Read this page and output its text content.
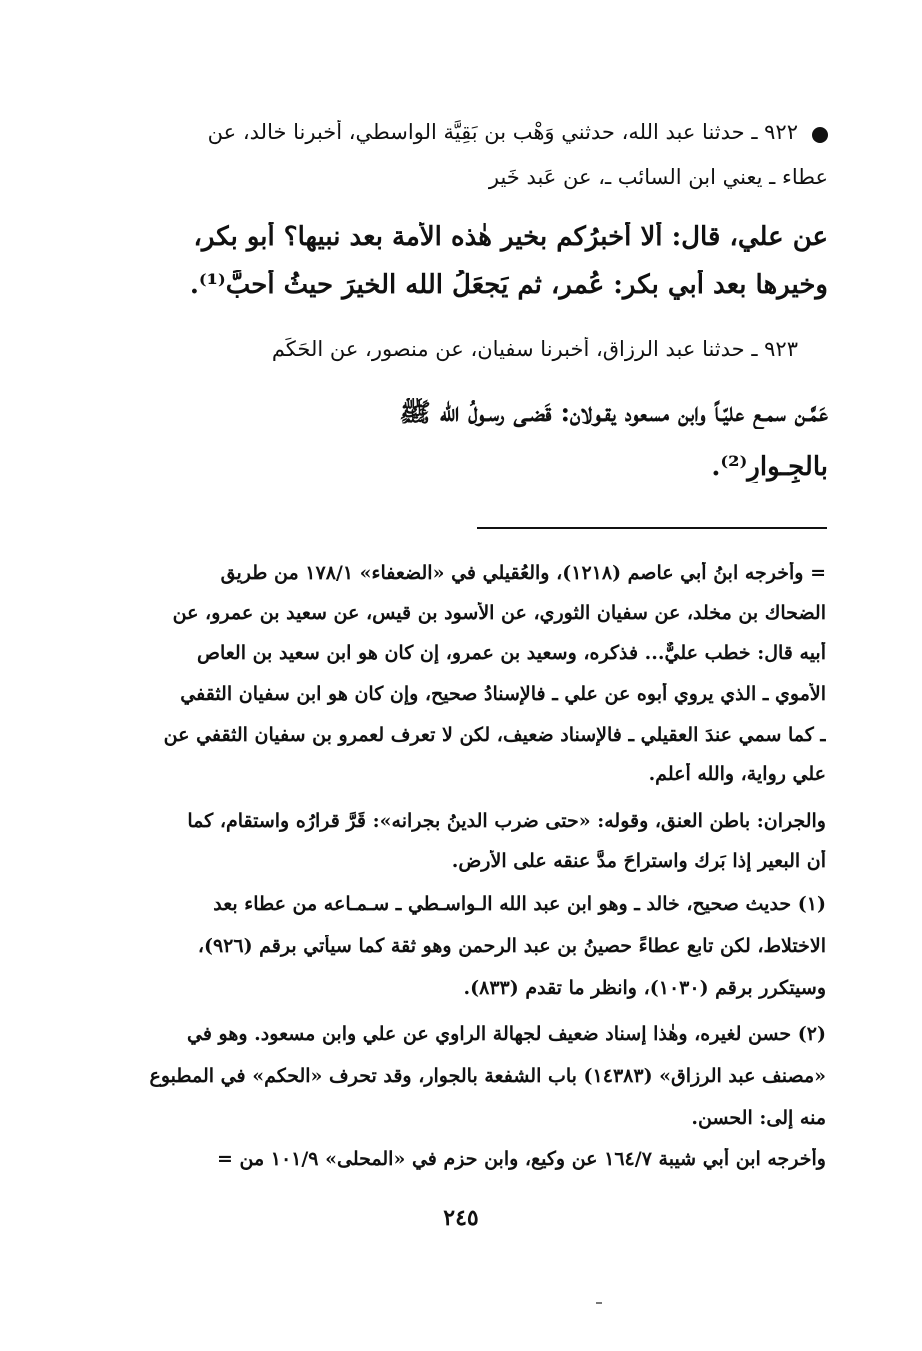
٩٢٢ ـ حدثنا عبد الله، حدثني وَهْب بن بَقِيَّة الواسطي، أخبرنا خالد، عن
عطاء ـ يعني ابن السائب ـ، عن عَبد خَير
عن علي، قال: ألا أُخبرُكم بخير هٰذه الأُمة بعد نبيها؟ أبو بكر،
وخيرها بعد أبي بكر: عُمر، ثم يَجعَلُ الله الخيرَ حيثُ أحبَّ⁽¹⁾.
٩٢٣ ـ حدثنا عبد الرزاق، أخبرنا سفيان، عن منصور، عن الحَكَم
عَمَّـن سمـع عليّـاً وابن مسعود يقـولان: قَضـى رسـولُ الله ﷺ
بالجِـوارِ⁽²⁾.
= وأخرجه ابنُ أبي عاصم (١٢١٨)، والعُقيلي في «الضعفاء» ١٧٨/١ من طريق
الضحاك بن مخلد، عن سفيان الثوري، عن الأسود بن قيس، عن سعيد بن عمرو، عن
أبيه قال: خطب عليٌّ... فذكره، وسعيد بن عمرو، إن كان هو ابن سعيد بن العاص
الأموي ـ الذي يروي أبوه عن علي ـ فالإسنادُ صحيح، وإن كان هو ابن سفيان الثقفي
ـ كما سمي عندَ العقيلي ـ فالإسناد ضعيف، لكن لا تعرف لعمرو بن سفيان الثقفي عن
علي رواية، والله أعلم.
والجران: باطن العنق، وقوله: «حتى ضرب الدينُ بجرانه»: قَرَّ قرارُه واستقام، كما
أن البعير إذا بَرك واستراحَ مدَّ عنقه على الأرض.
(١) حديث صحيح، خالد ـ وهو ابن عبد الله الـواسـطي ـ سـمـاعه من عطاء بعد
الاختلاط، لكن تابع عطاءً حصينُ بن عبد الرحمن وهو ثقة كما سيأتي برقم (٩٢٦)،
وسيتكرر برقم (١٠٣٠)، وانظر ما تقدم (٨٣٣).
(٢) حسن لغيره، وهٰذا إسناد ضعيف لجهالة الراوي عن علي وابن مسعود. وهو في
«مصنف عبد الرزاق» (١٤٣٨٣) باب الشفعة بالجوار، وقد تحرف «الحكم» في المطبوع
منه إلى: الحسن.
وأخرجه ابن أبي شيبة ١٦٤/٧ عن وكيع، وابن حزم في «المحلى» ١٠١/٩ من =
٢٤٥
